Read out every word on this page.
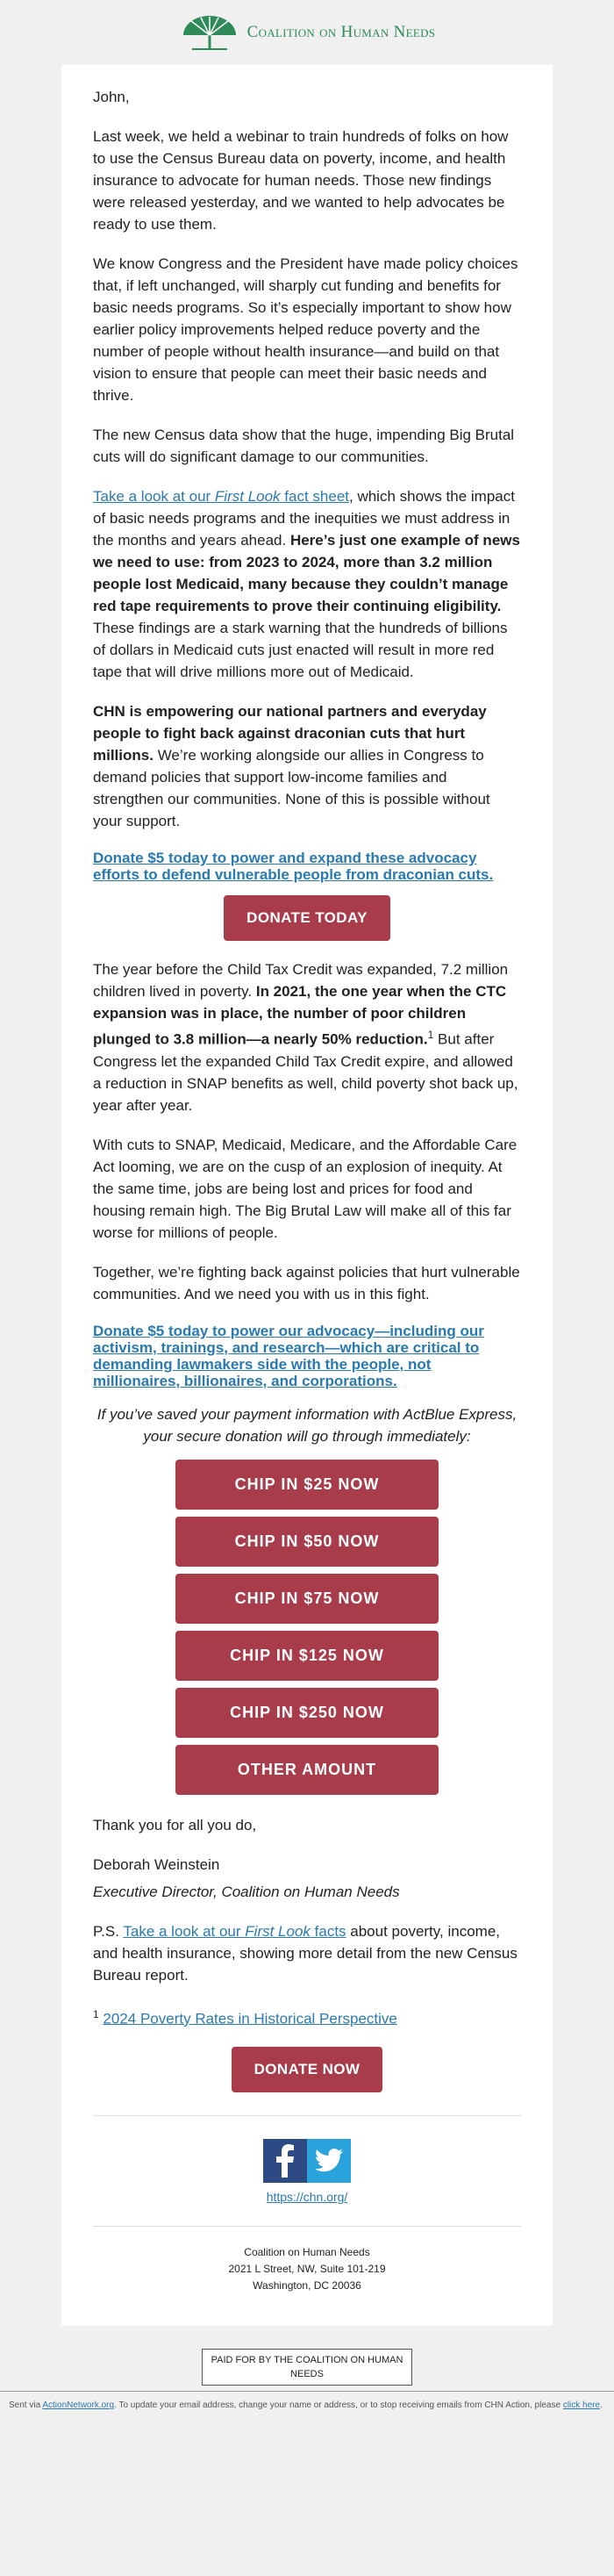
Coalition on Human Needs

John,

Last week, we held a webinar to train hundreds of folks on how to use the Census Bureau data on poverty, income, and health insurance to advocate for human needs. Those new findings were released yesterday, and we wanted to help advocates be ready to use them.

We know Congress and the President have made policy choices that, if left unchanged, will sharply cut funding and benefits for basic needs programs. So it’s especially important to show how earlier policy improvements helped reduce poverty and the number of people without health insurance—and build on that vision to ensure that people can meet their basic needs and thrive.

The new Census data show that the huge, impending Big Brutal cuts will do significant damage to our communities.

Take a look at our First Look fact sheet, which shows the impact of basic needs programs and the inequities we must address in the months and years ahead. Here’s just one example of news we need to use: from 2023 to 2024, more than 3.2 million people lost Medicaid, many because they couldn’t manage red tape requirements to prove their continuing eligibility. These findings are a stark warning that the hundreds of billions of dollars in Medicaid cuts just enacted will result in more red tape that will drive millions more out of Medicaid.

CHN is empowering our national partners and everyday people to fight back against draconian cuts that hurt millions. We’re working alongside our allies in Congress to demand policies that support low-income families and strengthen our communities. None of this is possible without your support.

Donate $5 today to power and expand these advocacy efforts to defend vulnerable people from draconian cuts.
DONATE TODAY

The year before the Child Tax Credit was expanded, 7.2 million children lived in poverty. In 2021, the one year when the CTC expansion was in place, the number of poor children plunged to 3.8 million—a nearly 50% reduction.$^1$ But after Congress let the expanded Child Tax Credit expire, and allowed a reduction in SNAP benefits as well, child poverty shot back up, year after year.

With cuts to SNAP, Medicaid, Medicare, and the Affordable Care Act looming, we are on the cusp of an explosion of inequity. At the same time, jobs are being lost and prices for food and housing remain high. The Big Brutal Law will make all of this far worse for millions of people.

Together, we’re fighting back against policies that hurt vulnerable communities. And we need you with us in this fight.

Donate $5 today to power our advocacy—including our activism, trainings, and research—which are critical to demanding lawmakers side with the people, not millionaires, billionaires, and corporations.

If you’ve saved your payment information with ActBlue Express, your secure donation will go through immediately:

CHIP IN $25 NOW
CHIP IN $50 NOW
CHIP IN $75 NOW
CHIP IN $125 NOW
CHIP IN $250 NOW
OTHER AMOUNT

Thank you for all you do,

Deborah Weinstein

Executive Director, Coalition on Human Needs

P.S. Take a look at our First Look facts about poverty, income, and health insurance, showing more detail from the new Census Bureau report.

$^1$ 2024 Poverty Rates in Historical Perspective

DONATE NOW

https://chn.org/

Coalition on Human Needs

2021 L Street, NW, Suite 101-219

Washington, DC 20036

PAID FOR BY THE COALITION ON HUMAN NEEDS
Sent via ActionNetwork.org. To update your email address, change your name or address, or to stop receiving emails from CHN Action, please click here.
